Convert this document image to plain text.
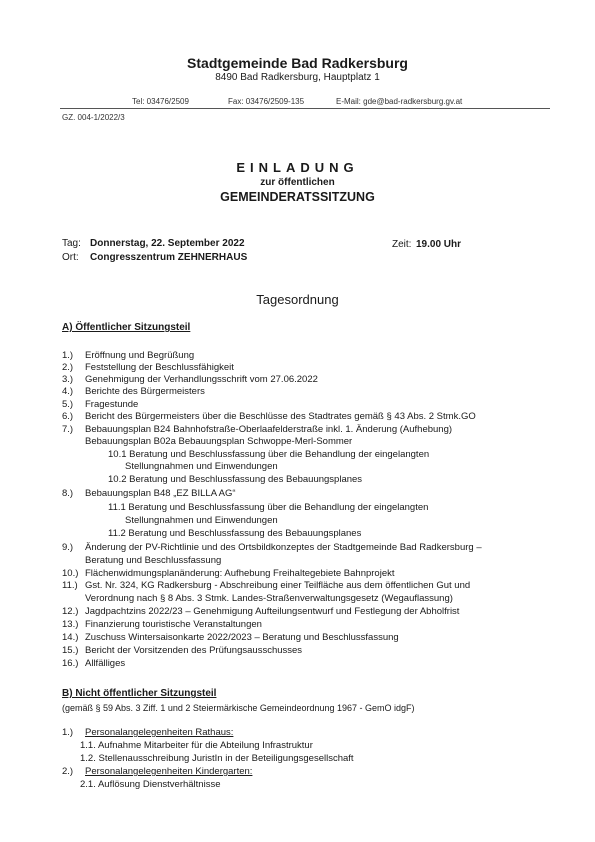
Stadtgemeinde Bad Radkersburg
8490 Bad Radkersburg, Hauptplatz 1
Tel: 03476/2509	Fax: 03476/2509-135	E-Mail: gde@bad-radkersburg.gv.at
GZ. 004-1/2022/3
EINLADUNG
zur öffentlichen
GEMEINDERATSSITZUNG
Tag: Donnerstag, 22. September 2022
Ort: Congresszentrum ZEHNERHAUS
Zeit: 19.00 Uhr
Tagesordnung
A) Öffentlicher Sitzungsteil
1.) Eröffnung und Begrüßung
2.) Feststellung der Beschlussfähigkeit
3.) Genehmigung der Verhandlungsschrift vom 27.06.2022
4.) Berichte des Bürgermeisters
5.) Fragestunde
6.) Bericht des Bürgermeisters über die Beschlüsse des Stadtrates gemäß § 43 Abs. 2 Stmk.GO
7.) Bebauungsplan B24 Bahnhofstraße-Oberlaafelderstraße inkl. 1. Änderung (Aufhebung)
Bebauungsplan B02a Bebauungsplan Schwoppe-Merl-Sommer
10.1 Beratung und Beschlussfassung über die Behandlung der eingelangten
Stellungnahmen und Einwendungen
10.2 Beratung und Beschlussfassung des Bebauungsplanes
8.) Bebauungsplan B48 „EZ BILLA AG“
11.1 Beratung und Beschlussfassung über die Behandlung der eingelangten
Stellungnahmen und Einwendungen
11.2 Beratung und Beschlussfassung des Bebauungsplanes
9.) Änderung der PV-Richtlinie und des Ortsbildkonzeptes der Stadtgemeinde Bad Radkersburg –
Beratung und Beschlussfassung
10.) Flächenwidmungsplanänderung: Aufhebung Freihaltegebiete Bahnprojekt
11.) Gst. Nr. 324, KG Radkersburg - Abschreibung einer Teilfläche aus dem öffentlichen Gut und
Verordnung nach § 8 Abs. 3 Stmk. Landes-Straßenverwaltungsgesetz (Wegauflassung)
12.) Jagdpachtzins 2022/23 – Genehmigung Aufteilungsentwurf und Festlegung der Abholfrist
13.) Finanzierung touristische Veranstaltungen
14.) Zuschuss Wintersaisonkarte 2022/2023 – Beratung und Beschlussfassung
15.) Bericht der Vorsitzenden des Prüfungsausschusses
16.) Allfälliges
B) Nicht öffentlicher Sitzungsteil
(gemäß § 59 Abs. 3 Ziff. 1 und 2 Steiermärkische Gemeindeordnung 1967 - GemO idgF)
1.) Personalangelegenheiten Rathaus:
1.1. Aufnahme Mitarbeiter für die Abteilung Infrastruktur
1.2. Stellenausschreibung JuristIn in der Beteiligungsgesellschaft
2.) Personalangelegenheiten Kindergarten:
2.1. Auflösung Dienstverhältnisse
